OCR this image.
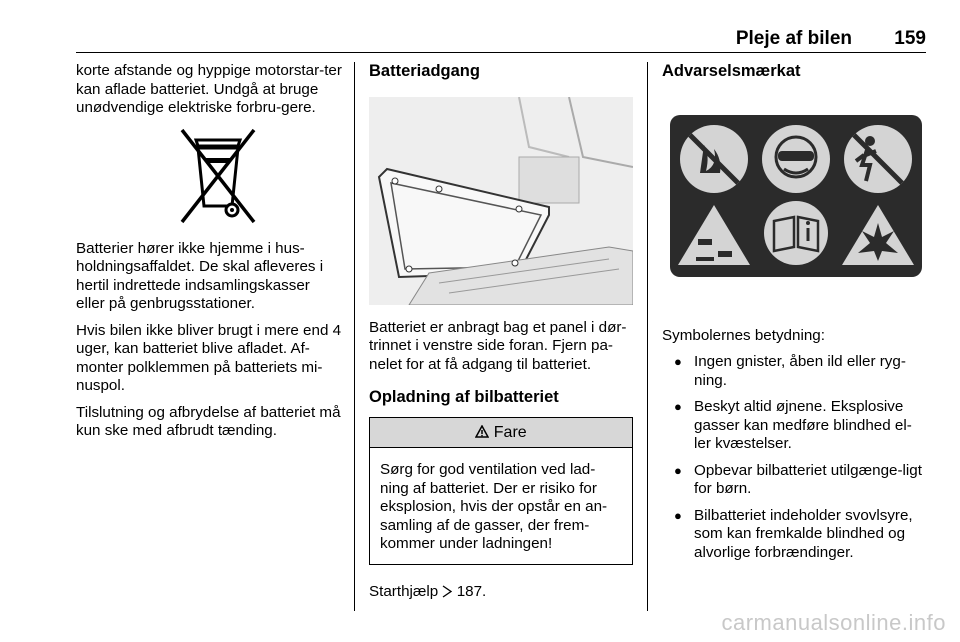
Pleje af bilen 159

korte afstande og hyppige motorstar-ter kan aflade batteriet. Undgå at bruge unødvendige elektriske forbru-gere.

Batterier hører ikke hjemme i hus-holdningsaffaldet. De skal afleveres i hertil indrettede indsamlingskasser eller på genbrugsstationer.

Hvis bilen ikke bliver brugt i mere end 4 uger, kan batteriet blive afladet. Af-monter polklemmen på batteriets mi-nuspol.

Tilslutning og afbrydelse af batteriet må kun ske med afbrudt tænding.

Batteriadgang

Batteriet er anbragt bag et panel i dør-trinnet i venstre side foran. Fjern pa-nelet for at få adgang til batteriet.

Opladning af bilbatteriet
Fare
Sørg for god ventilation ved lad-ning af batteriet. Der er risiko for eksplosion, hvis der opstår en an-samling af de gasser, der frem-kommer under ladningen!

Starthjælp 187.

Advarselsmærkat

Symbolernes betydning:

● Ingen gnister, åben ild eller ryg-ning.
● Beskyt altid øjnene. Eksplosive gasser kan medføre blindhed el-ler kvæstelser.
● Opbevar bilbatteriet utilgænge-ligt for børn.
● Bilbatteriet indeholder svovlsyre, som kan fremkalde blindhed og alvorlige forbrændinger.
carmanualsonline.info
